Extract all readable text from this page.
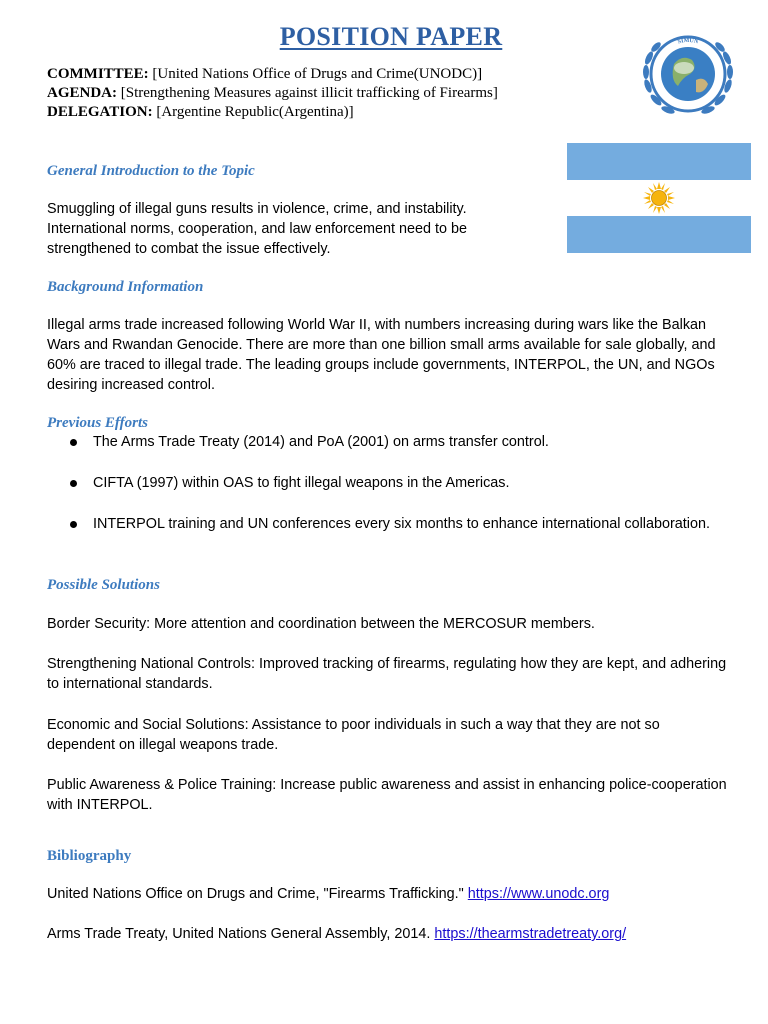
POSITION PAPER
COMMITTEE: [United Nations Office of Drugs and Crime(UNODC)]
AGENDA: [Strengthening Measures against illicit trafficking of Firearms]
DELEGATION: [Argentine Republic(Argentina)]
SIMUN
General Introduction to the Topic
Smuggling of illegal guns results in violence, crime, and instability. International norms, cooperation, and law enforcement need to be strengthened to combat the issue effectively.
Background Information
Illegal arms trade increased following World War II, with numbers increasing during wars like the Balkan Wars and Rwandan Genocide. There are more than one billion small arms available for sale globally, and 60% are traced to illegal trade. The leading groups include governments, INTERPOL, the UN, and NGOs desiring increased control.
Previous Efforts
The Arms Trade Treaty (2014) and PoA (2001) on arms transfer control.
CIFTA (1997) within OAS to fight illegal weapons in the Americas.
INTERPOL training and UN conferences every six months to enhance international collaboration.
Possible Solutions
Border Security: More attention and coordination between the MERCOSUR members.
Strengthening National Controls: Improved tracking of firearms, regulating how they are kept, and adhering to international standards.
Economic and Social Solutions: Assistance to poor individuals in such a way that they are not so dependent on illegal weapons trade.
Public Awareness & Police Training: Increase public awareness and assist in enhancing police-cooperation with INTERPOL.
Bibliography
United Nations Office on Drugs and Crime, "Firearms Trafficking." https://www.unodc.org
Arms Trade Treaty, United Nations General Assembly, 2014. https://thearmstradetreaty.org/
